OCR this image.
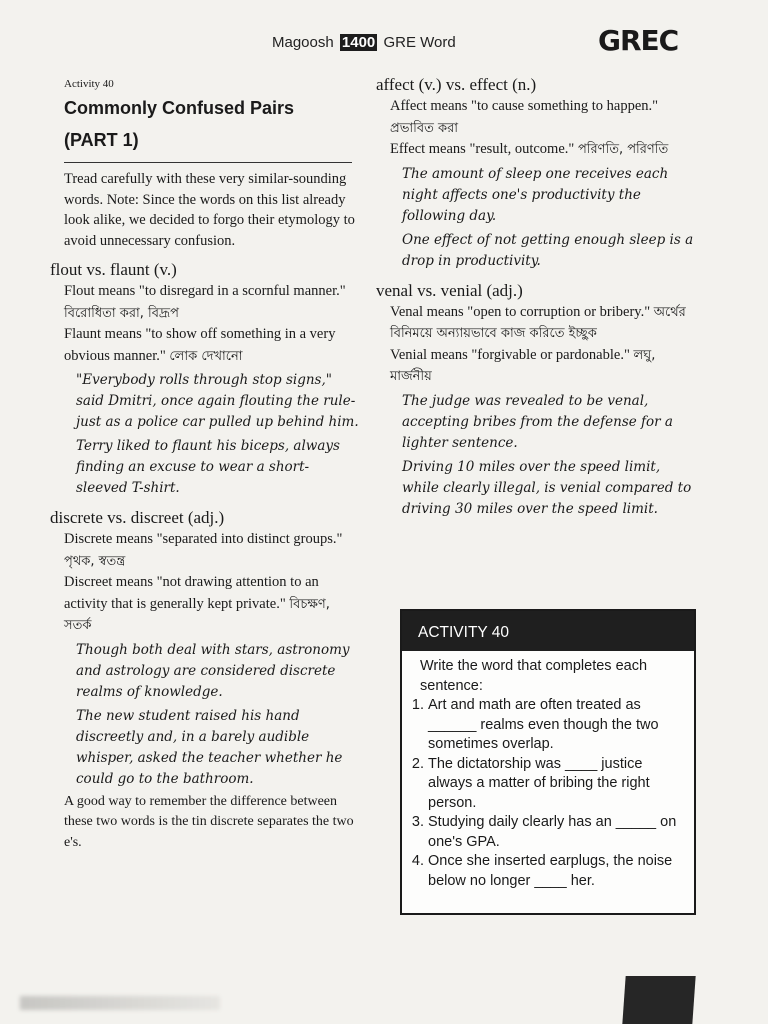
Magoosh 1400 GRE Word	GREC
Activity 40
Commonly Confused Pairs
(PART 1)
Tread carefully with these very similar-sounding words. Note: Since the words on this list already look alike, we decided to forgo their etymology to avoid unnecessary confusion.
flout vs. flaunt (v.)
Flout means "to disregard in a scornful manner." বিরোধিতা করা, বিদ্রূপ
Flaunt means "to show off something in a very obvious manner." লোক দেখানো
"Everybody rolls through stop signs," said Dmitri, once again flouting the rule-just as a police car pulled up behind him.
Terry liked to flaunt his biceps, always finding an excuse to wear a short-sleeved T-shirt.
discrete vs. discreet (adj.)
Discrete means "separated into distinct groups." পৃথক, স্বতন্ত্র
Discreet means "not drawing attention to an activity that is generally kept private." বিচক্ষণ, সতর্ক
Though both deal with stars, astronomy and astrology are considered discrete realms of knowledge.
The new student raised his hand discreetly and, in a barely audible whisper, asked the teacher whether he could go to the bathroom.
A good way to remember the difference between these two words is the tin discrete separates the two e's.
affect (v.) vs. effect (n.)
Affect means "to cause something to happen." প্রভাবিত করা
Effect means "result, outcome." পরিণতি, পরিণতি
The amount of sleep one receives each night affects one's productivity the following day.
One effect of not getting enough sleep is a drop in productivity.
venal vs. venial (adj.)
Venal means "open to corruption or bribery." অর্থের বিনিময়ে অন্যায়ভাবে কাজ করিতে ইচ্ছুক
Venial means "forgivable or pardonable." লঘু, মার্জনীয়
The judge was revealed to be venal, accepting bribes from the defense for a lighter sentence.
Driving 10 miles over the speed limit, while clearly illegal, is venial compared to driving 30 miles over the speed limit.
ACTIVITY 40
Write the word that completes each sentence:
1. Art and math are often treated as ______ realms even though the two sometimes overlap.
2. The dictatorship was ____ justice always a matter of bribing the right person.
3. Studying daily clearly has an _____ on one's GPA.
4. Once she inserted earplugs, the noise below no longer ____ her.
